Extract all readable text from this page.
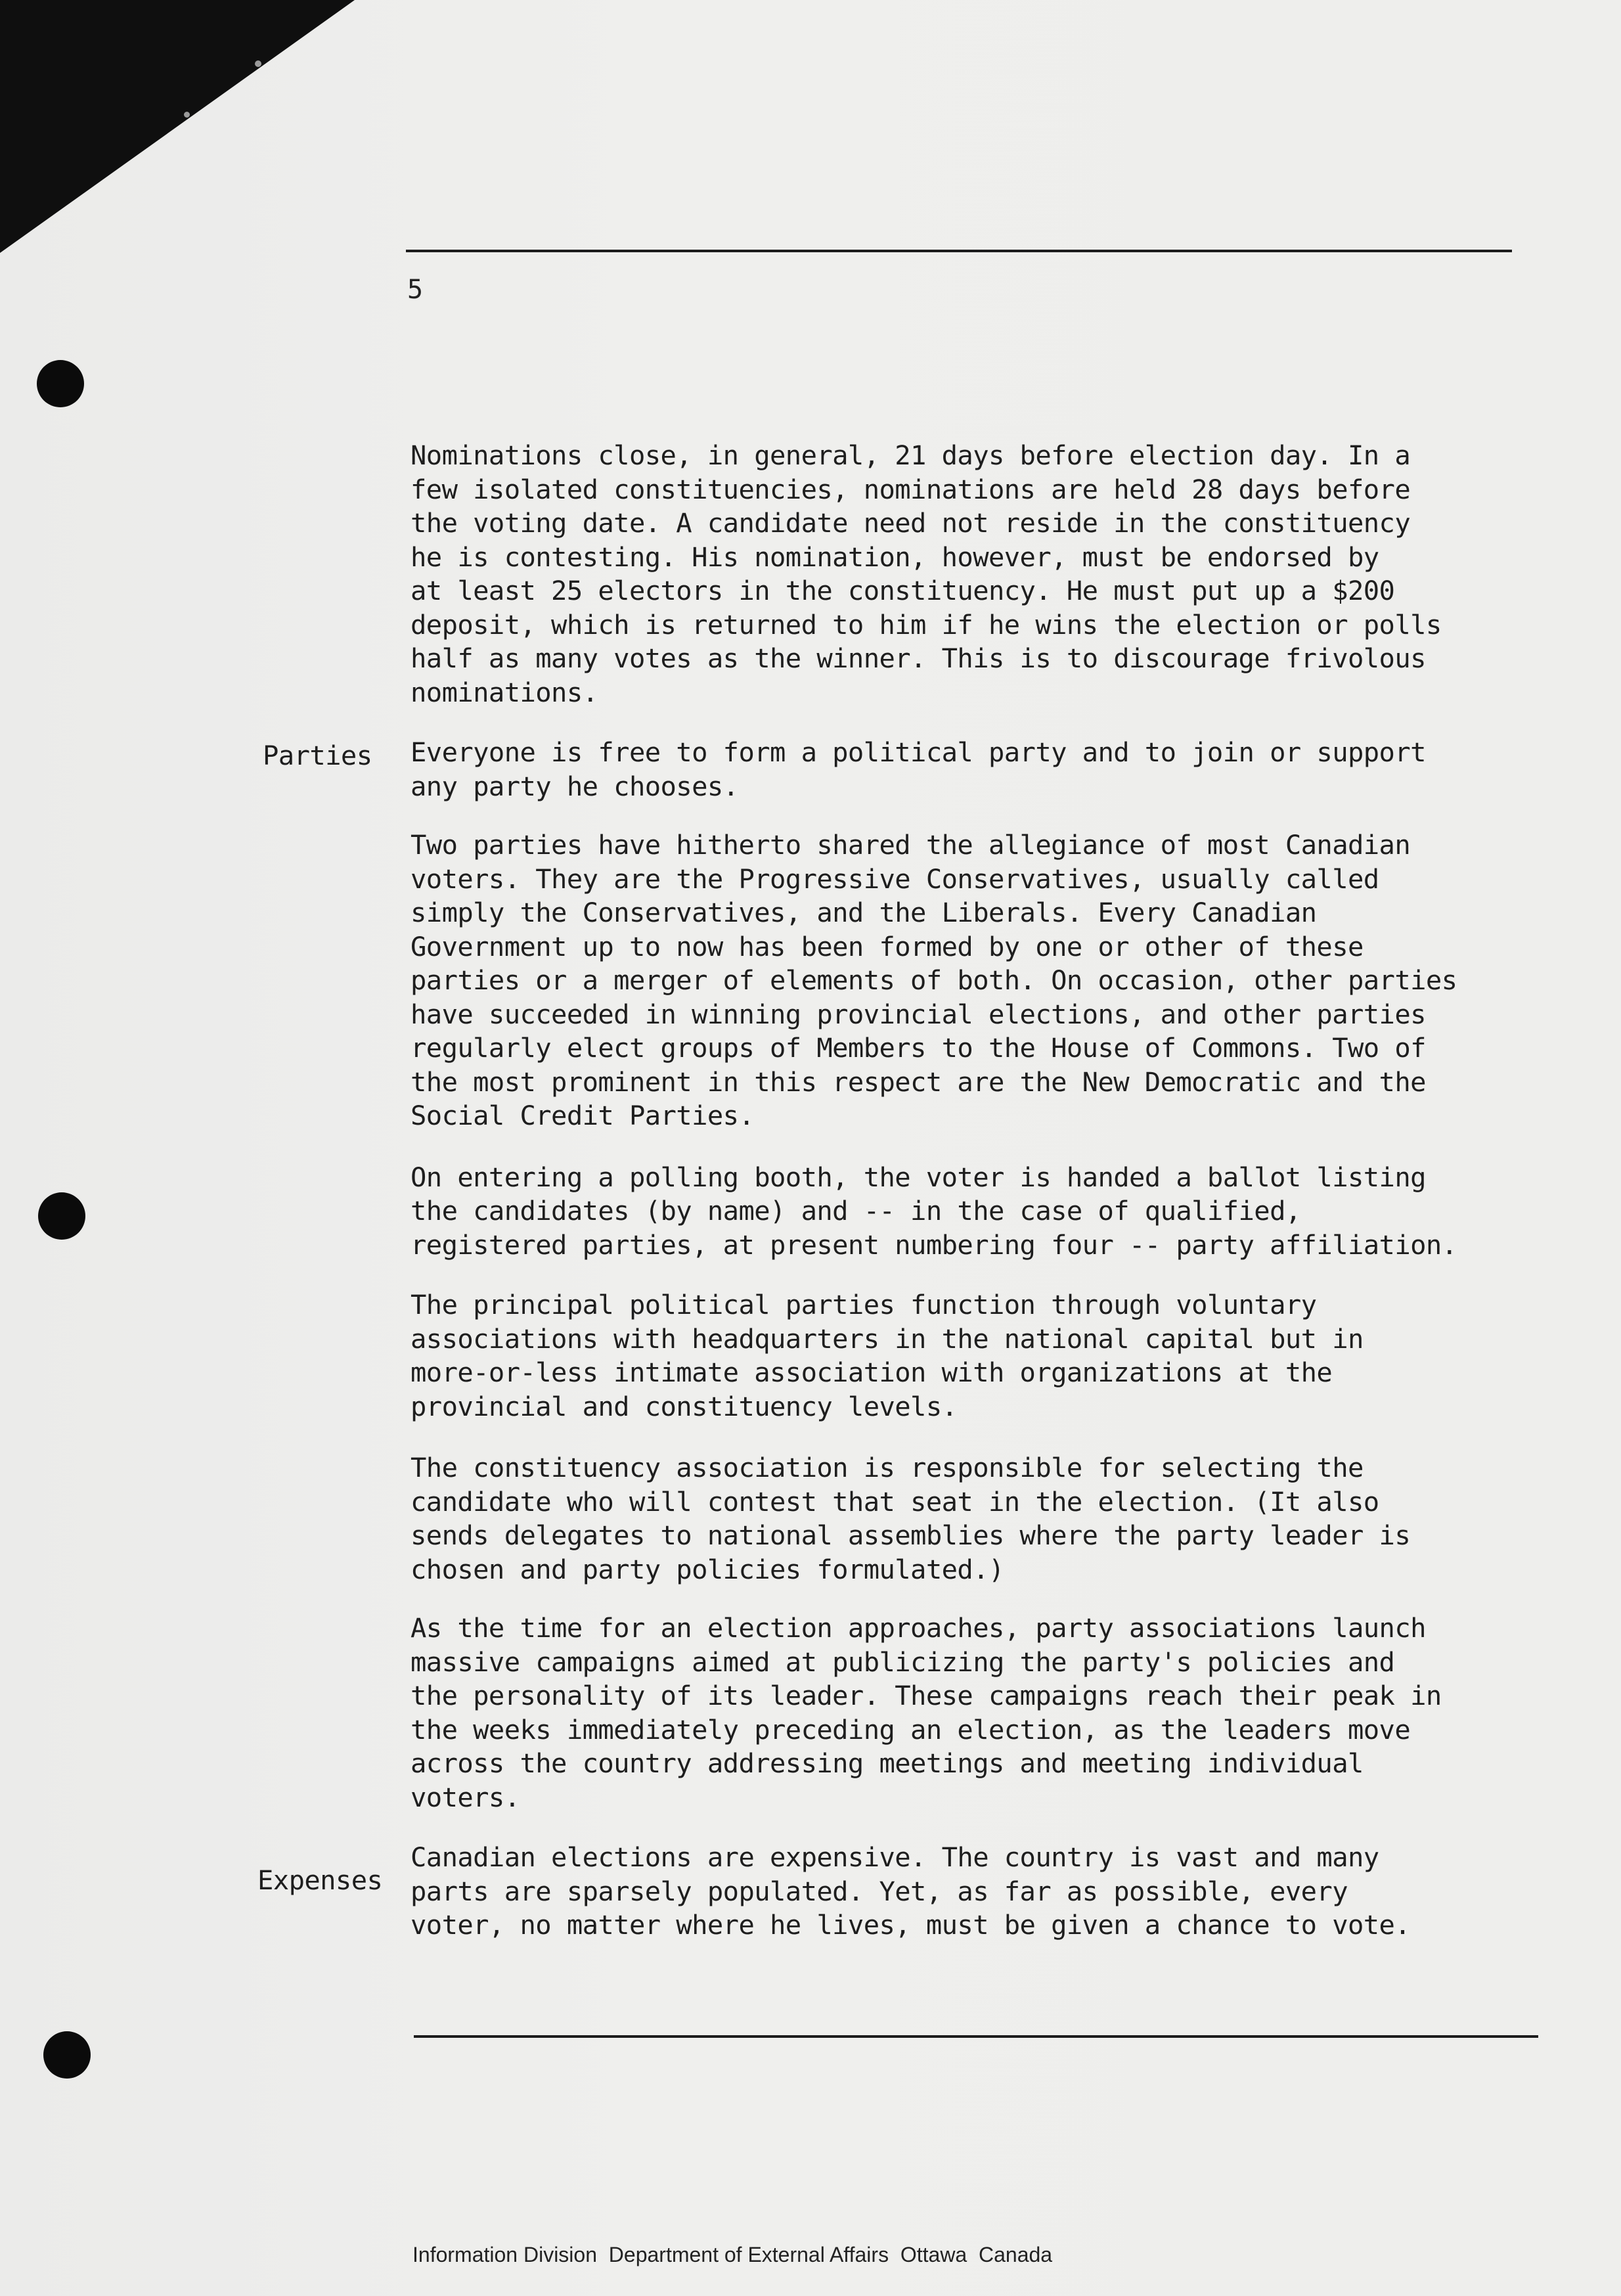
5
Parties
Expenses

Nominations close, in general, 21 days before election day. In a
few isolated constituencies, nominations are held 28 days before
the voting date. A candidate need not reside in the constituency
he is contesting. His nomination, however, must be endorsed by
at least 25 electors in the constituency. He must put up a $200
deposit, which is returned to him if he wins the election or polls
half as many votes as the winner. This is to discourage frivolous
nominations.

Everyone is free to form a political party and to join or support
any party he chooses.

Two parties have hitherto shared the allegiance of most Canadian
voters. They are the Progressive Conservatives, usually called
simply the Conservatives, and the Liberals. Every Canadian
Government up to now has been formed by one or other of these
parties or a merger of elements of both. On occasion, other parties
have succeeded in winning provincial elections, and other parties
regularly elect groups of Members to the House of Commons. Two of
the most prominent in this respect are the New Democratic and the
Social Credit Parties.

On entering a polling booth, the voter is handed a ballot listing
the candidates (by name) and -- in the case of qualified,
registered parties, at present numbering four -- party affiliation.

The principal political parties function through voluntary
associations with headquarters in the national capital but in
more-or-less intimate association with organizations at the
provincial and constituency levels.

The constituency association is responsible for selecting the
candidate who will contest that seat in the election. (It also
sends delegates to national assemblies where the party leader is
chosen and party policies formulated.)

As the time for an election approaches, party associations launch
massive campaigns aimed at publicizing the party's policies and
the personality of its leader. These campaigns reach their peak in
the weeks immediately preceding an election, as the leaders move
across the country addressing meetings and meeting individual
voters.

Canadian elections are expensive. The country is vast and many
parts are sparsely populated. Yet, as far as possible, every
voter, no matter where he lives, must be given a chance to vote.

Information Division  Department of External Affairs  Ottawa  Canada
